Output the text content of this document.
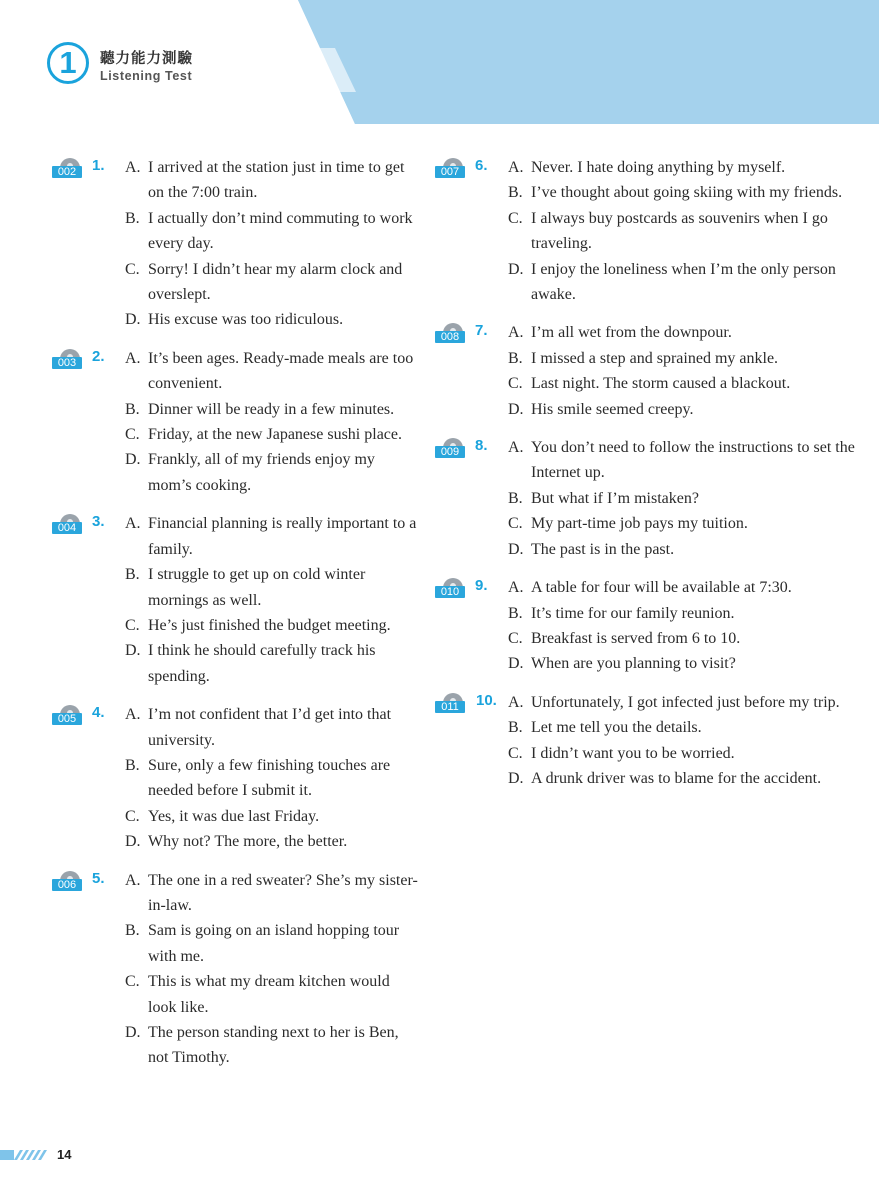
1	聽力能力測驗
Listening Test
002	1. A. I arrived at the station just in time to get on the 7:00 train.
B. I actually don’t mind commuting to work every day.
C. Sorry! I didn’t hear my alarm clock and overslept.
D. His excuse was too ridiculous.
003	2. A. It’s been ages. Ready-made meals are too convenient.
B. Dinner will be ready in a few minutes.
C. Friday, at the new Japanese sushi place.
D. Frankly, all of my friends enjoy my mom’s cooking.
004	3. A. Financial planning is really important to a family.
B. I struggle to get up on cold winter mornings as well.
C. He’s just finished the budget meeting.
D. I think he should carefully track his spending.
005	4. A. I’m not confident that I’d get into that university.
B. Sure, only a few finishing touches are needed before I submit it.
C. Yes, it was due last Friday.
D. Why not? The more, the better.
006	5. A. The one in a red sweater? She’s my sister-in-law.
B. Sam is going on an island hopping tour with me.
C. This is what my dream kitchen would look like.
D. The person standing next to her is Ben, not Timothy.
007	6. A. Never. I hate doing anything by myself.
B. I’ve thought about going skiing with my friends.
C. I always buy postcards as souvenirs when I go traveling.
D. I enjoy the loneliness when I’m the only person awake.
008	7. A. I’m all wet from the downpour.
B. I missed a step and sprained my ankle.
C. Last night. The storm caused a blackout.
D. His smile seemed creepy.
009	8. A. You don’t need to follow the instructions to set the Internet up.
B. But what if I’m mistaken?
C. My part-time job pays my tuition.
D. The past is in the past.
010	9. A. A table for four will be available at 7:30.
B. It’s time for our family reunion.
C. Breakfast is served from 6 to 10.
D. When are you planning to visit?
011	10. A. Unfortunately, I got infected just before my trip.
B. Let me tell you the details.
C. I didn’t want you to be worried.
D. A drunk driver was to blame for the accident.
14
